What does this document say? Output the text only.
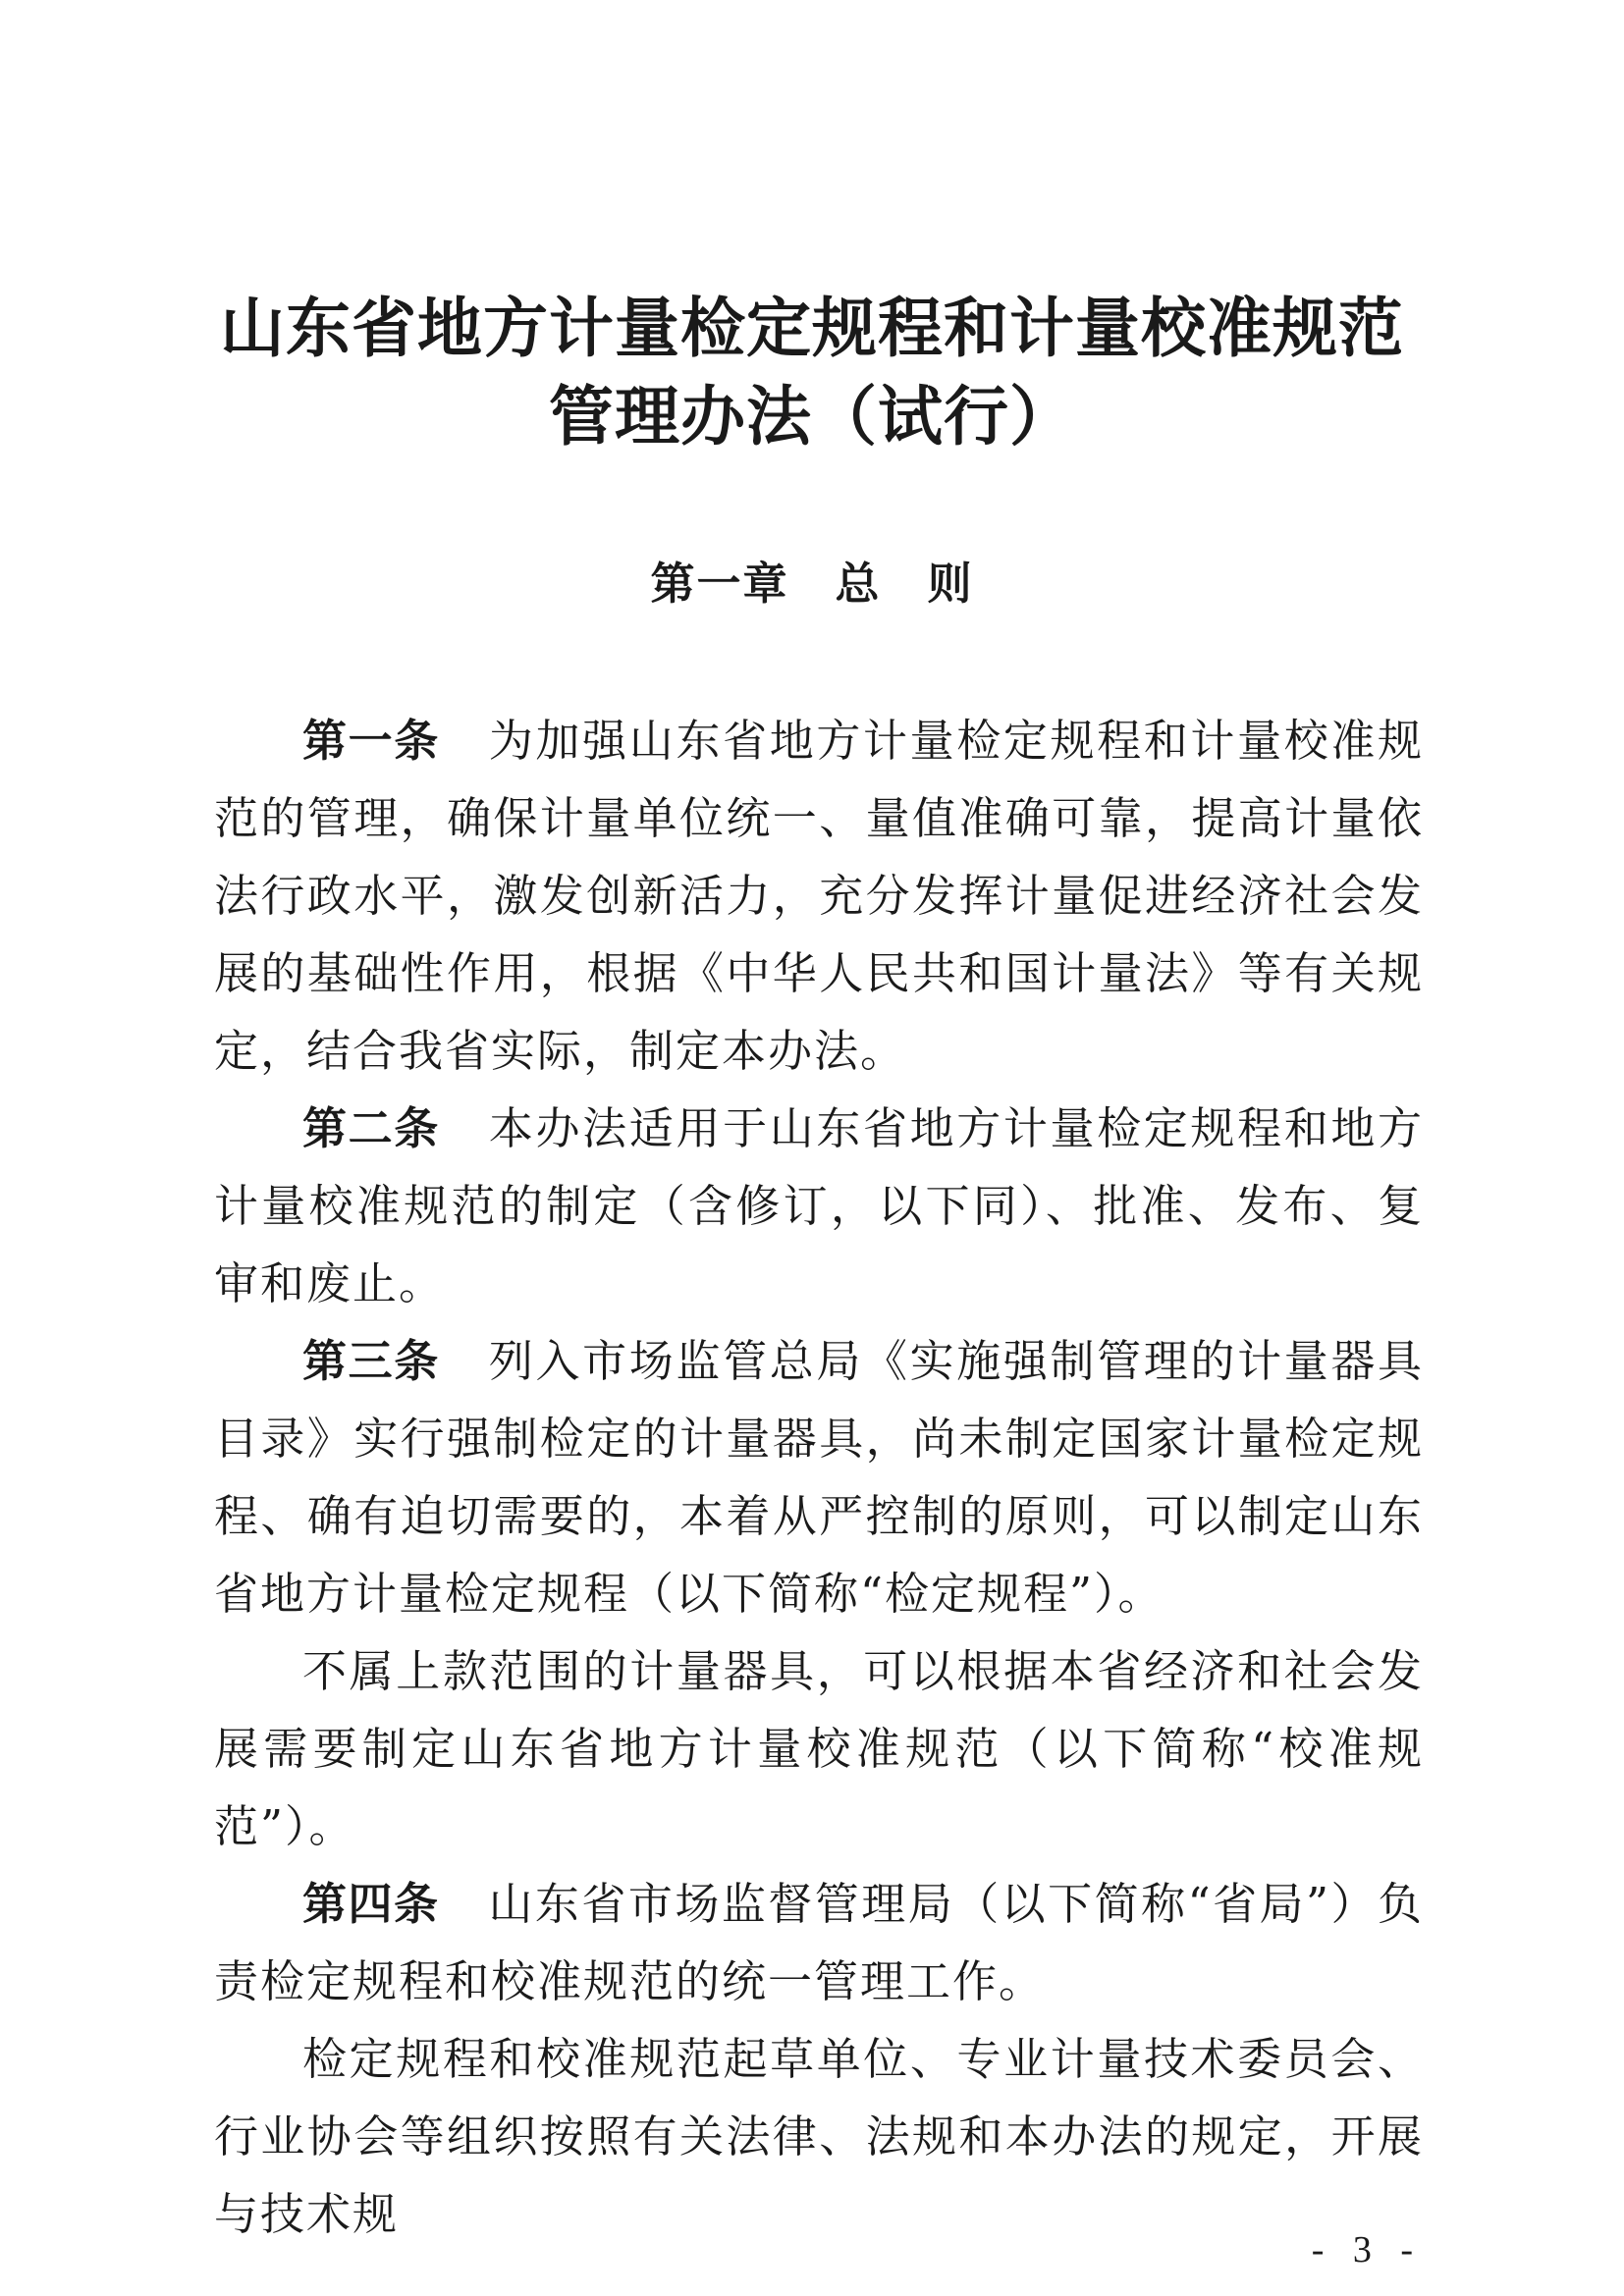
山东省地方计量检定规程和计量校准规范
管理办法（试行）
第一章　总　则

第一条 为加强山东省地方计量检定规程和计量校准规范的管理，确保计量单位统一、量值准确可靠，提高计量依法行政水平，激发创新活力，充分发挥计量促进经济社会发展的基础性作用，根据《中华人民共和国计量法》等有关规定，结合我省实际，制定本办法。

第二条 本办法适用于山东省地方计量检定规程和地方计量校准规范的制定（含修订，以下同）、批准、发布、复审和废止。

第三条 列入市场监管总局《实施强制管理的计量器具目录》实行强制检定的计量器具，尚未制定国家计量检定规程、确有迫切需要的，本着从严控制的原则，可以制定山东省地方计量检定规程（以下简称“检定规程”）。

不属上款范围的计量器具，可以根据本省经济和社会发展需要制定山东省地方计量校准规范（以下简称“校准规范”）。

第四条 山东省市场监督管理局（以下简称“省局”）负责检定规程和校准规范的统一管理工作。

检定规程和校准规范起草单位、专业计量技术委员会、行业协会等组织按照有关法律、法规和本办法的规定，开展与技术规

- 3 -
